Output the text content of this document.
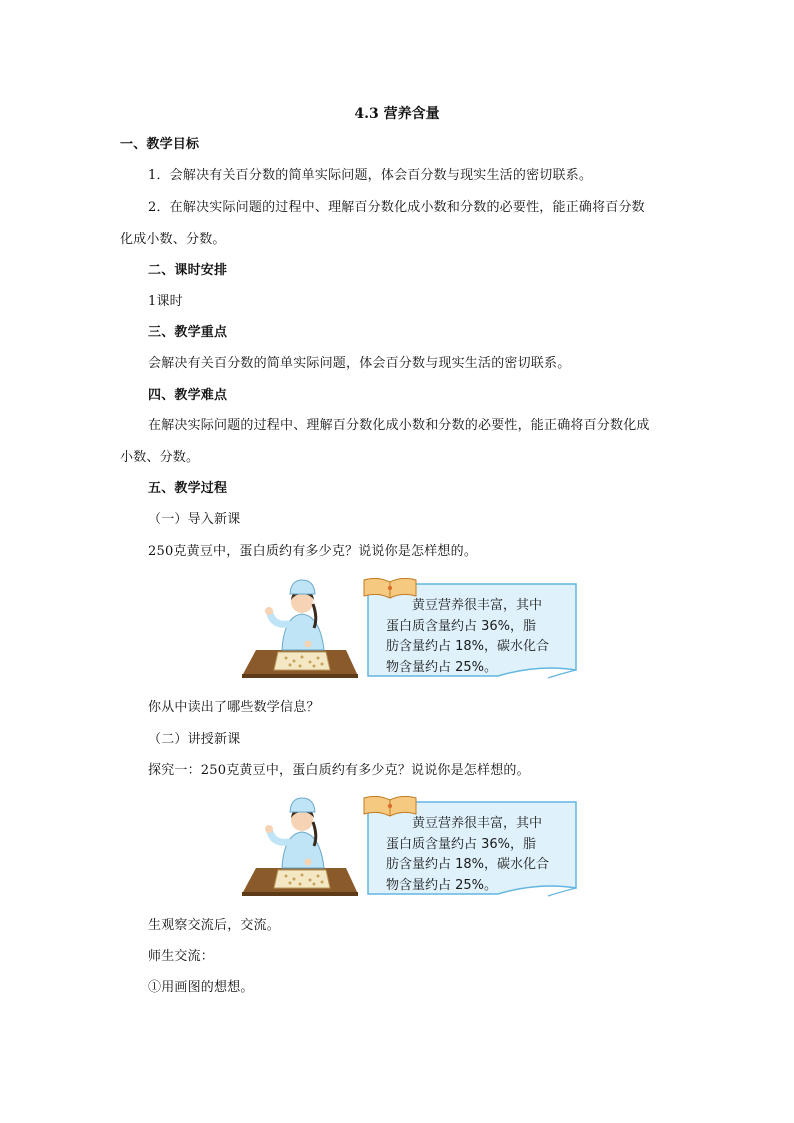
4.3 营养含量
一、教学目标
1．会解决有关百分数的简单实际问题，体会百分数与现实生活的密切联系。
2．在解决实际问题的过程中、理解百分数化成小数和分数的必要性，能正确将百分数
化成小数、分数。
二、课时安排
1课时
三、教学重点
会解决有关百分数的简单实际问题，体会百分数与现实生活的密切联系。
四、教学难点
在解决实际问题的过程中、理解百分数化成小数和分数的必要性，能正确将百分数化成
小数、分数。
五、教学过程
（一）导入新课
250克黄豆中，蛋白质约有多少克？说说你是怎样想的。
黄豆营养很丰富，其中
蛋白质含量约占 36%，脂
肪含量约占 18%，碳水化合
物含量约占 25%。
你从中读出了哪些数学信息？
（二）讲授新课
探究一：250克黄豆中，蛋白质约有多少克？说说你是怎样想的。
黄豆营养很丰富，其中
蛋白质含量约占 36%，脂
肪含量约占 18%，碳水化合
物含量约占 25%。
生观察交流后，交流。
师生交流：
①用画图的想想。
